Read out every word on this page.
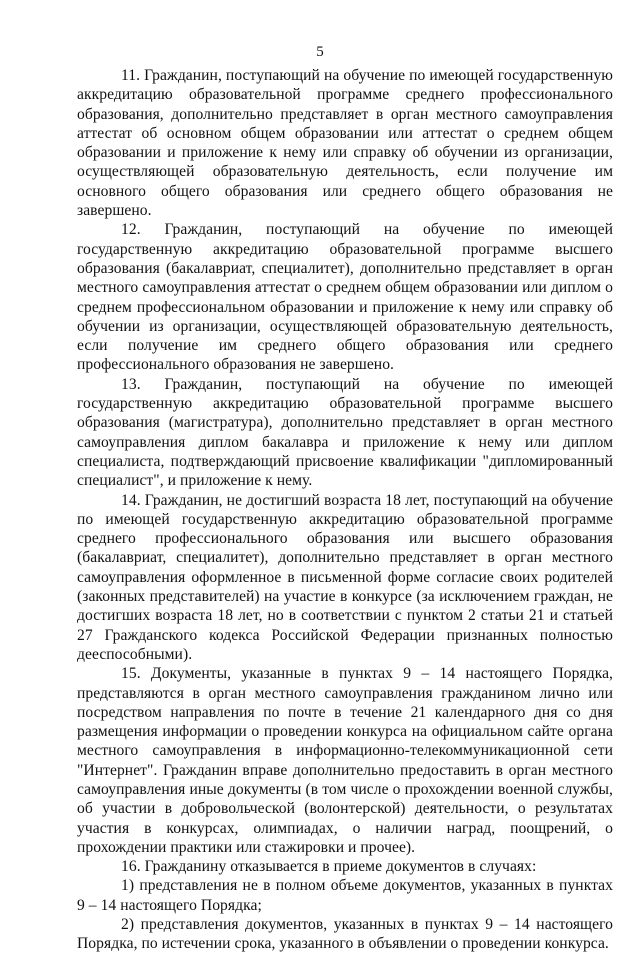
5

11. Гражданин, поступающий на обучение по имеющей государственную аккредитацию образовательной программе среднего профессионального образования, дополнительно представляет в орган местного самоуправления аттестат об основном общем образовании или аттестат о среднем общем образовании и приложение к нему или справку об обучении из организации, осуществляющей образовательную деятельность, если получение им основного общего образования или среднего общего образования не завершено.

12. Гражданин, поступающий на обучение по имеющей государственную аккредитацию образовательной программе высшего образования (бакалавриат, специалитет), дополнительно представляет в орган местного самоуправления аттестат о среднем общем образовании или диплом о среднем профессиональном образовании и приложение к нему или справку об обучении из организации, осуществляющей образовательную деятельность, если получение им среднего общего образования или среднего профессионального образования не завершено.

13. Гражданин, поступающий на обучение по имеющей государственную аккредитацию образовательной программе высшего образования (магистратура), дополнительно представляет в орган местного самоуправления диплом бакалавра и приложение к нему или диплом специалиста, подтверждающий присвоение квалификации "дипломированный специалист", и приложение к нему.

14. Гражданин, не достигший возраста 18 лет, поступающий на обучение по имеющей государственную аккредитацию образовательной программе среднего профессионального образования или высшего образования (бакалавриат, специалитет), дополнительно представляет в орган местного самоуправления оформленное в письменной форме согласие своих родителей (законных представителей) на участие в конкурсе (за исключением граждан, не достигших возраста 18 лет, но в соответствии с пунктом 2 статьи 21 и статьей 27 Гражданского кодекса Российской Федерации признанных полностью дееспособными).

15. Документы, указанные в пунктах 9 – 14 настоящего Порядка, представляются в орган местного самоуправления гражданином лично или посредством направления по почте в течение 21 календарного дня со дня размещения информации о проведении конкурса на официальном сайте органа местного самоуправления в информационно-телекоммуникационной сети "Интернет". Гражданин вправе дополнительно предоставить в орган местного самоуправления иные документы (в том числе о прохождении военной службы, об участии в добровольческой (волонтерской) деятельности, о результатах участия в конкурсах, олимпиадах, о наличии наград, поощрений, о прохождении практики или стажировки и прочее).

16. Гражданину отказывается в приеме документов в случаях:

1) представления не в полном объеме документов, указанных в пунктах 9 – 14 настоящего Порядка;

2) представления документов, указанных в пунктах 9 – 14 настоящего Порядка, по истечении срока, указанного в объявлении о проведении конкурса.
